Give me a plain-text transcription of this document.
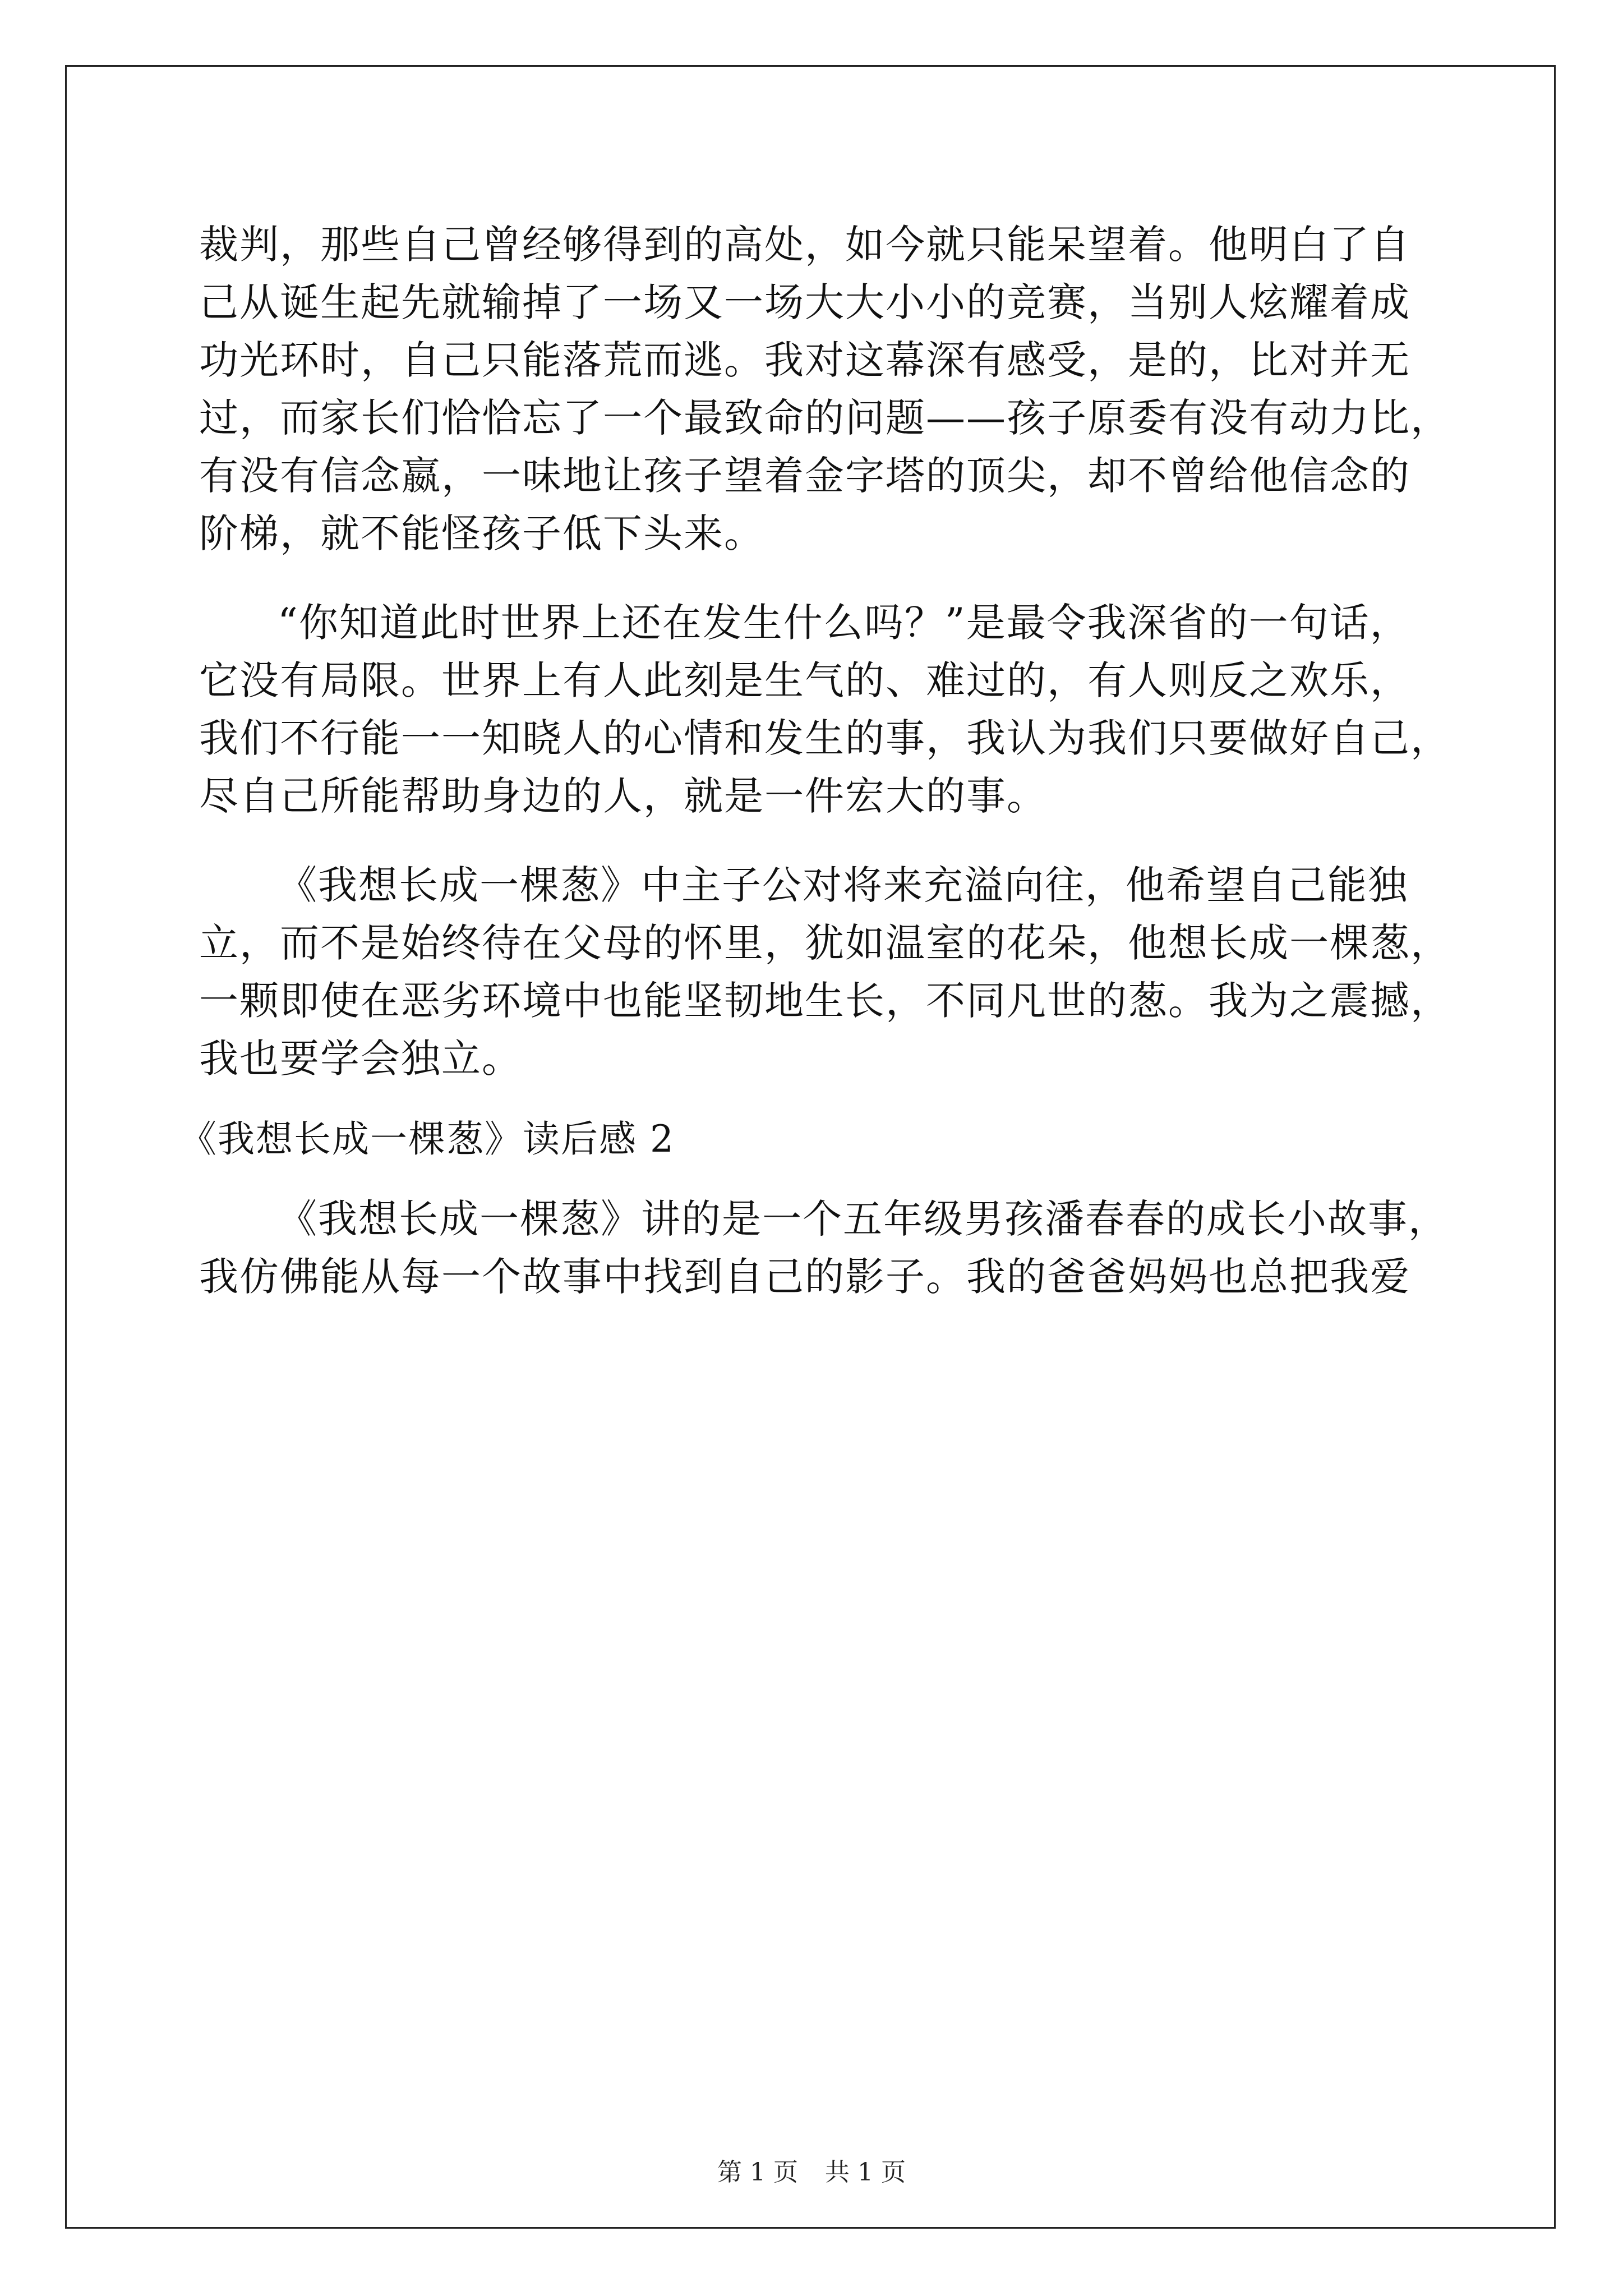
裁判，那些自己曾经够得到的高处，如今就只能呆望着。他明白了自

己从诞生起先就输掉了一场又一场大大小小的竞赛，当别人炫耀着成

功光环时，自己只能落荒而逃。我对这幕深有感受，是的，比对并无

过，而家长们恰恰忘了一个最致命的问题——孩子原委有没有动力比，

有没有信念嬴，一味地让孩子望着金字塔的顶尖，却不曾给他信念的

阶梯，就不能怪孩子低下头来。

“你知道此时世界上还在发生什么吗？”是最令我深省的一句话，

它没有局限。世界上有人此刻是生气的、难过的，有人则反之欢乐，

我们不行能一一知晓人的心情和发生的事，我认为我们只要做好自己，

尽自己所能帮助身边的人，就是一件宏大的事。

《我想长成一棵葱》中主子公对将来充溢向往，他希望自己能独

立，而不是始终待在父母的怀里，犹如温室的花朵，他想长成一棵葱，

一颗即使在恶劣环境中也能坚韧地生长，不同凡世的葱。我为之震撼，

我也要学会独立。

《我想长成一棵葱》读后感 2

《我想长成一棵葱》讲的是一个五年级男孩潘春春的成长小故事，

我仿佛能从每一个故事中找到自己的影子。我的爸爸妈妈也总把我爱

第 1 页 共 1 页
